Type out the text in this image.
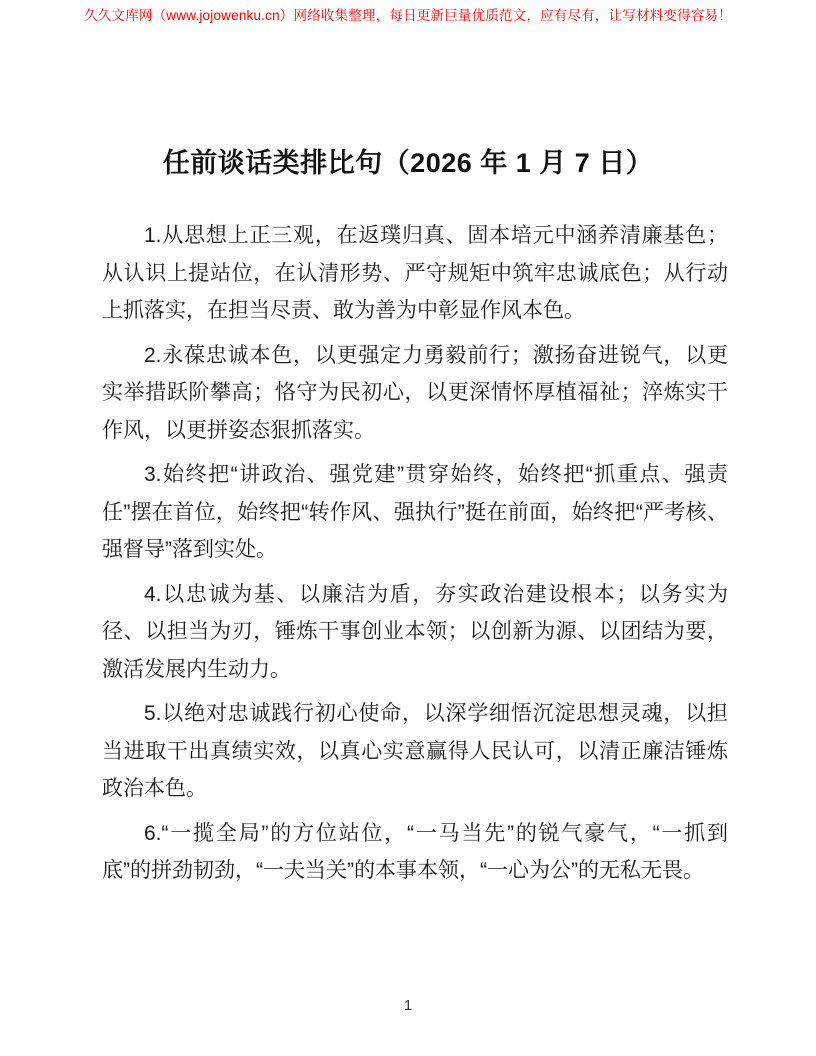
久久文库网（www.jojowenku.cn）网络收集整理，每日更新巨量优质范文，应有尽有，让写材料变得容易！
任前谈话类排比句（2026 年 1 月 7 日）

1.从思想上正三观，在返璞归真、固本培元中涵养清廉基色；从认识上提站位，在认清形势、严守规矩中筑牢忠诚底色；从行动上抓落实，在担当尽责、敢为善为中彰显作风本色。

2.永葆忠诚本色，以更强定力勇毅前行；激扬奋进锐气，以更实举措跃阶攀高；恪守为民初心，以更深情怀厚植福祉；淬炼实干作风，以更拼姿态狠抓落实。

3.始终把“讲政治、强党建”贯穿始终，始终把“抓重点、强责任”摆在首位，始终把“转作风、强执行”挺在前面，始终把“严考核、强督导”落到实处。

4.以忠诚为基、以廉洁为盾，夯实政治建设根本；以务实为径、以担当为刃，锤炼干事创业本领；以创新为源、以团结为要，激活发展内生动力。

5.以绝对忠诚践行初心使命，以深学细悟沉淀思想灵魂，以担当进取干出真绩实效，以真心实意赢得人民认可，以清正廉洁锤炼政治本色。

6.“一揽全局”的方位站位，“一马当先”的锐气豪气，“一抓到底”的拼劲韧劲，“一夫当关”的本事本领，“一心为公”的无私无畏。

1
